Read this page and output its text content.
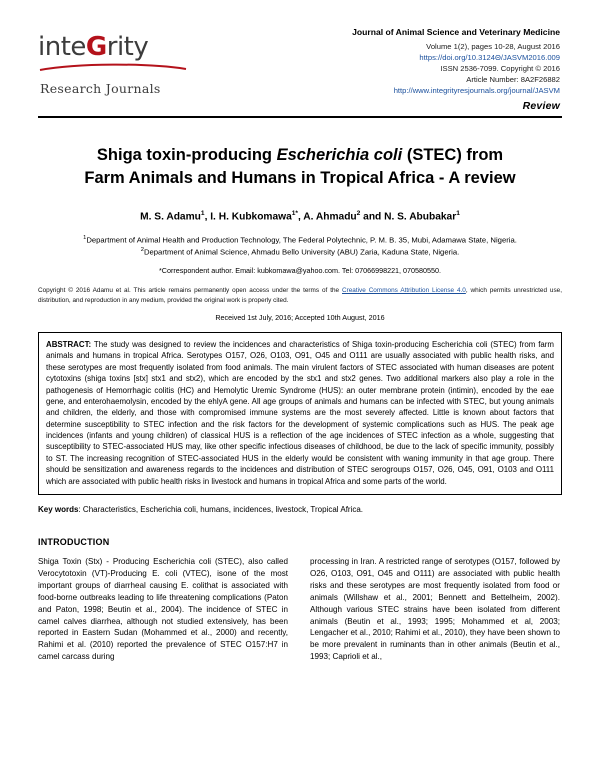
inteGrity
Research Journals
Journal of Animal Science and Veterinary Medicine
Volume 1(2), pages 10-28, August 2016
https://doi.org/10.3124Θ/JASVM2016.009
ISSN 2536-7099. Copyright © 2016
Article Number: 8A2F26882
http://www.integrityresjournals.org/journal/JASVM
Review
Shiga toxin-producing Escherichia coli (STEC) from
Farm Animals and Humans in Tropical Africa - A review
M. S. Adamu$^1$, I. H. Kubkomawa$^{1*}$, A. Ahmadu$^2$ and N. S. Abubakar$^1$
$^1$Department of Animal Health and Production Technology, The Federal Polytechnic, P. M. B. 35, Mubi, Adamawa State, Nigeria.
$^2$Department of Animal Science, Ahmadu Bello University (ABU) Zaria, Kaduna State, Nigeria.
*Correspondent author. Email: kubkomawa@yahoo.com. Tel: 07066998221, 070580550.
Copyright © 2016 Adamu et al. This article remains permanently open access under the terms of the Creative Commons Attribution License 4.0, which permits unrestricted use, distribution, and reproduction in any medium, provided the original work is properly cited.
Received 1st July, 2016; Accepted 10th August, 2016
ABSTRACT: The study was designed to review the incidences and characteristics of Shiga toxin-producing Escherichia coli (STEC) from farm animals and humans in tropical Africa. Serotypes O157, O26, O103, O91, O45 and O111 are usually associated with public health risks, and these serotypes are most frequently isolated from food animals. The main virulent factors of STEC associated with human diseases are potent cytotoxins (shiga toxins [stx] stx1 and stx2), which are encoded by the stx1 and stx2 genes. Two additional markers also play a role in the pathogenesis of Hemorrhagic colitis (HC) and Hemolytic Uremic Syndrome (HUS): an outer membrane protein (intimin), encoded by the eae gene, and enterohaemolysin, encoded by the ehlyA gene. All age groups of animals and humans can be infected with STEC, but young animals and children, the elderly, and those with compromised immune systems are the most severely affected. Little is known about factors that determine susceptibility to STEC infection and the risk factors for the development of systemic complications such as HUS. The peak age incidences (infants and young children) of classical HUS is a reflection of the age incidences of STEC infection as a whole, suggesting that susceptibility to STEC-associated HUS may, like other specific infectious diseases of childhood, be due to the lack of specific immunity, possibly to ST. The increasing recognition of STEC-associated HUS in the elderly would be consistent with waning immunity in that age group. There should be sensitization and awareness regards to the incidences and distribution of STEC serogroups O157, O26, O45, O91, O103 and O111 which are associated with public health risks in livestock and humans in tropical Africa and some parts of the world.
Key words: Characteristics, Escherichia coli, humans, incidences, livestock, Tropical Africa.
INTRODUCTION

Shiga Toxin (Stx) - Producing Escherichia coli (STEC), also called Verocytotoxin (VT)-Producing E. coli (VTEC), isone of the most important groups of diarrheal causing E. colithat is associated with food-borne outbreaks leading to life threatening complications (Paton and Paton, 1998; Beutin et al., 2004). The incidence of STEC in camel calves diarrhea, although not studied extensively, has been reported in Eastern Sudan (Mohammed et al., 2000) and recently, Rahimi et al. (2010) reported the prevalence of STEC O157:H7 in camel carcass during

processing in Iran. A restricted range of serotypes (O157, followed by O26, O103, O91, O45 and O111) are associated with public health risks and these serotypes are most frequently isolated from food or animals (Willshaw et al., 2001; Bennett and Bettelheim, 2002). Although various STEC strains have been isolated from different animals (Beutin et al., 1993; 1995; Mohammed et al, 2003; Lengacher et al., 2010; Rahimi et al., 2010), they have been shown to be more prevalent in ruminants than in other animals (Beutin et al., 1993; Caprioli et al.,
